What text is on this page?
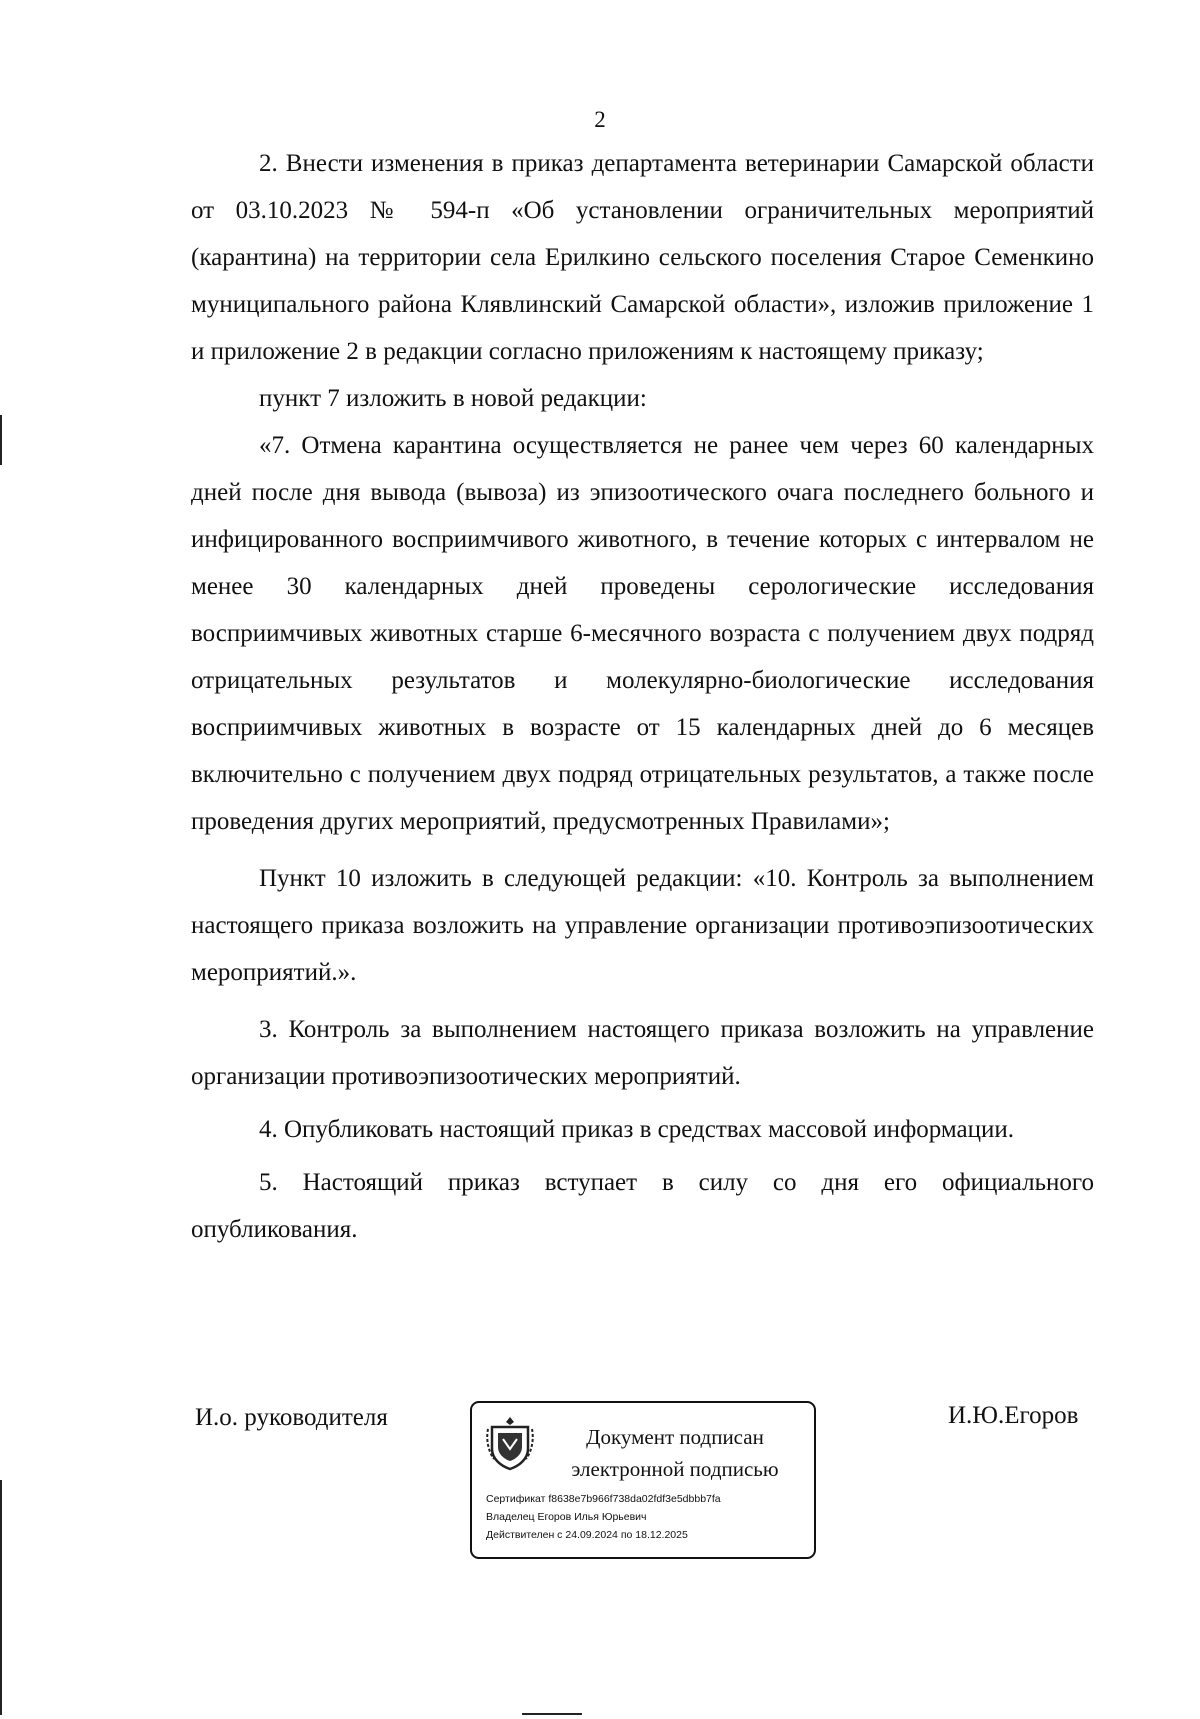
2

2. Внести изменения в приказ департамента ветеринарии Самарской области от 03.10.2023 № 594-п «Об установлении ограничительных мероприятий (карантина) на территории села Ерилкино сельского поселения Старое Семенкино муниципального района Клявлинский Самарской области», изложив приложение 1 и приложение 2 в редакции согласно приложениям к настоящему приказу;

пункт 7 изложить в новой редакции:

«7. Отмена карантина осуществляется не ранее чем через 60 календарных дней после дня вывода (вывоза) из эпизоотического очага последнего больного и инфицированного восприимчивого животного, в течение которых с интервалом не менее 30 календарных дней проведены серологические исследования восприимчивых животных старше 6-месячного возраста с получением двух подряд отрицательных результатов и молекулярно-биологические исследования восприимчивых животных в возрасте от 15 календарных дней до 6 месяцев включительно с получением двух подряд отрицательных результатов, а также после проведения других мероприятий, предусмотренных Правилами»;

Пункт 10 изложить в следующей редакции: «10. Контроль за выполнением настоящего приказа возложить на управление организации противоэпизоотических мероприятий.».

3. Контроль за выполнением настоящего приказа возложить на управление организации противоэпизоотических мероприятий.

4. Опубликовать настоящий приказ в средствах массовой информации.

5. Настоящий приказ вступает в силу со дня его официального опубликования.

И.о. руководителя
Документ подписан
электронной подписью
Сертификат f8638e7b966f738da02fdf3e5dbbb7fa
Владелец Егоров Илья Юрьевич
Действителен с 24.09.2024 по 18.12.2025
И.Ю.Егоров
